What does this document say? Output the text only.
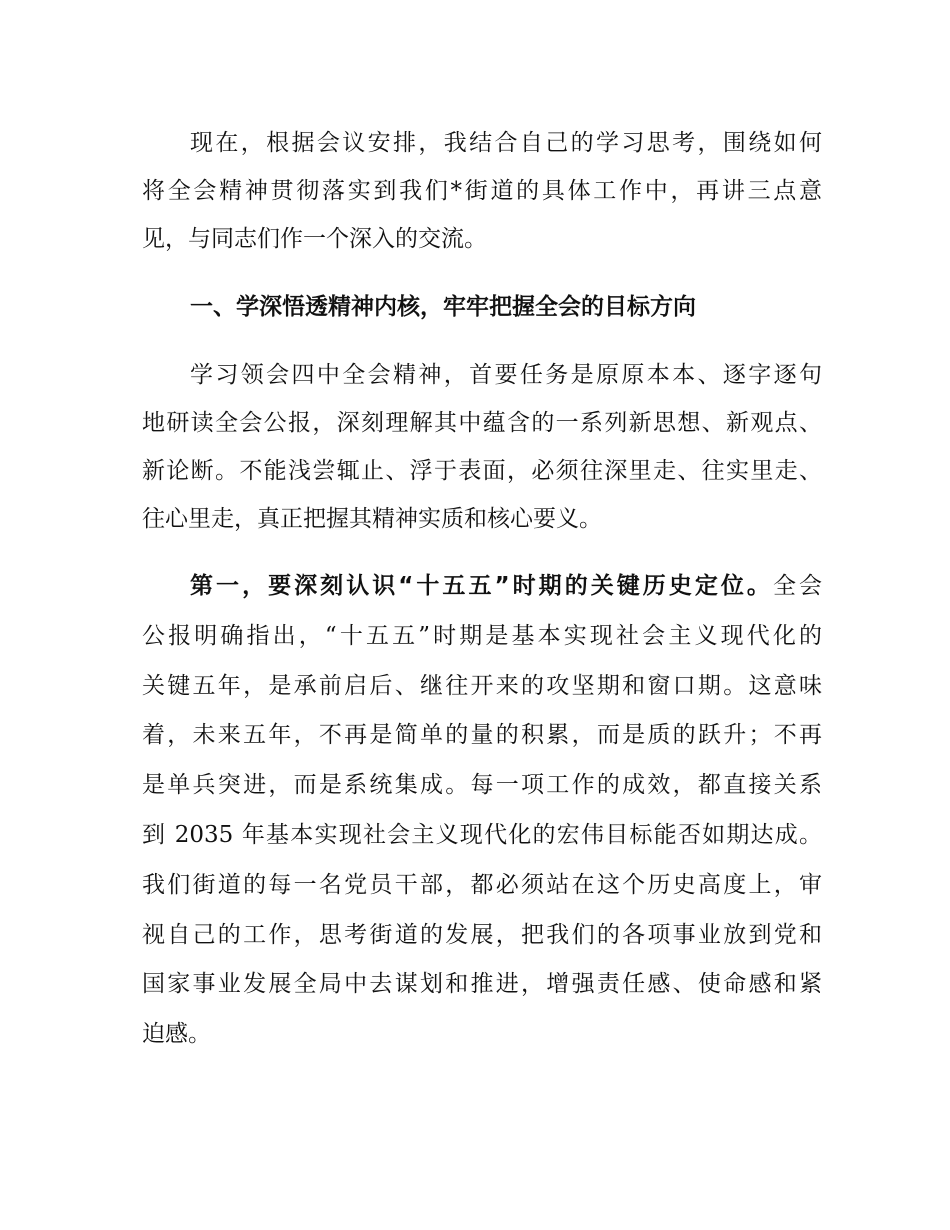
现在，根据会议安排，我结合自己的学习思考，围绕如何
将全会精神贯彻落实到我们*街道的具体工作中，再讲三点意
见，与同志们作一个深入的交流。
一、学深悟透精神内核，牢牢把握全会的目标方向
学习领会四中全会精神，首要任务是原原本本、逐字逐句
地研读全会公报，深刻理解其中蕴含的一系列新思想、新观点、
新论断。不能浅尝辄止、浮于表面，必须往深里走、往实里走、
往心里走，真正把握其精神实质和核心要义。
第一，要深刻认识“十五五”时期的关键历史定位。全会
公报明确指出，“十五五”时期是基本实现社会主义现代化的
关键五年，是承前启后、继往开来的攻坚期和窗口期。这意味
着，未来五年，不再是简单的量的积累，而是质的跃升；不再
是单兵突进，而是系统集成。每一项工作的成效，都直接关系
到 2035 年基本实现社会主义现代化的宏伟目标能否如期达成。
我们街道的每一名党员干部，都必须站在这个历史高度上，审
视自己的工作，思考街道的发展，把我们的各项事业放到党和
国家事业发展全局中去谋划和推进，增强责任感、使命感和紧
迫感。
